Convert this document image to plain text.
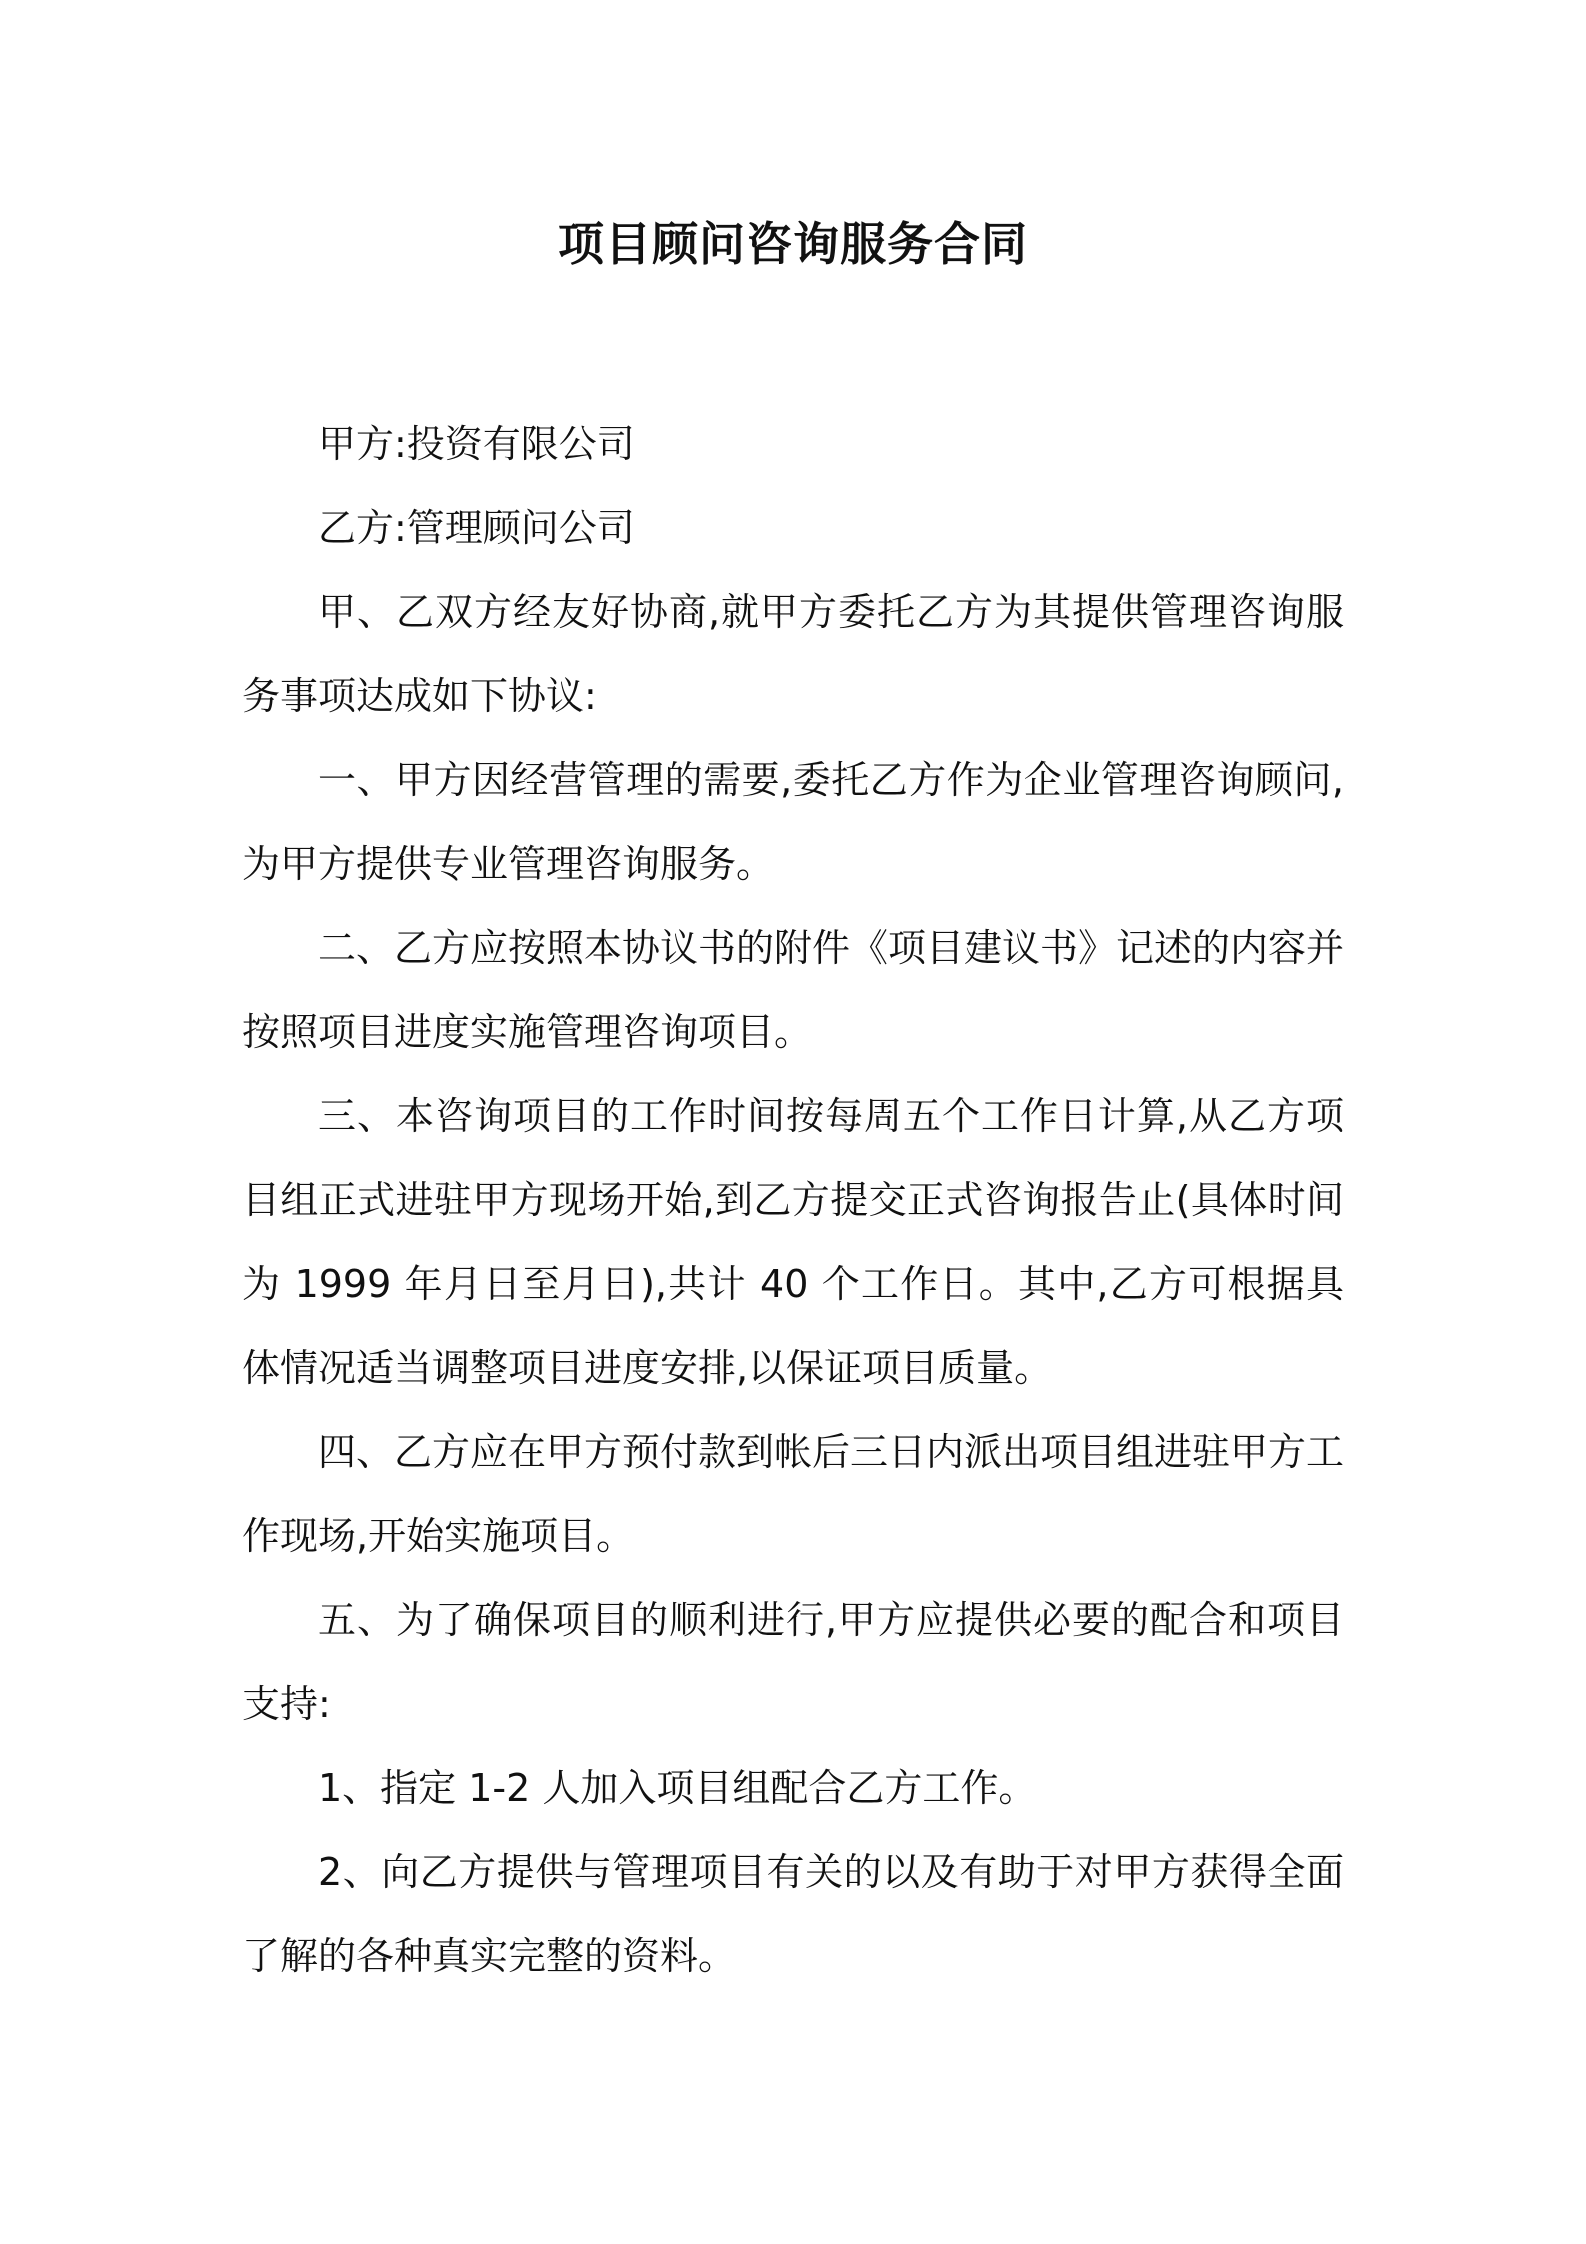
项目顾问咨询服务合同

甲方:投资有限公司

乙方:管理顾问公司

甲、乙双方经友好协商,就甲方委托乙方为其提供管理咨询服务事项达成如下协议:

一、甲方因经营管理的需要,委托乙方作为企业管理咨询顾问,为甲方提供专业管理咨询服务。

二、乙方应按照本协议书的附件《项目建议书》记述的内容并按照项目进度实施管理咨询项目。

三、本咨询项目的工作时间按每周五个工作日计算,从乙方项目组正式进驻甲方现场开始,到乙方提交正式咨询报告止(具体时间为 1999 年月日至月日),共计 40 个工作日。其中,乙方可根据具体情况适当调整项目进度安排,以保证项目质量。

四、乙方应在甲方预付款到帐后三日内派出项目组进驻甲方工作现场,开始实施项目。

五、为了确保项目的顺利进行,甲方应提供必要的配合和项目支持:

1、指定 1-2 人加入项目组配合乙方工作。

2、向乙方提供与管理项目有关的以及有助于对甲方获得全面了解的各种真实完整的资料。
